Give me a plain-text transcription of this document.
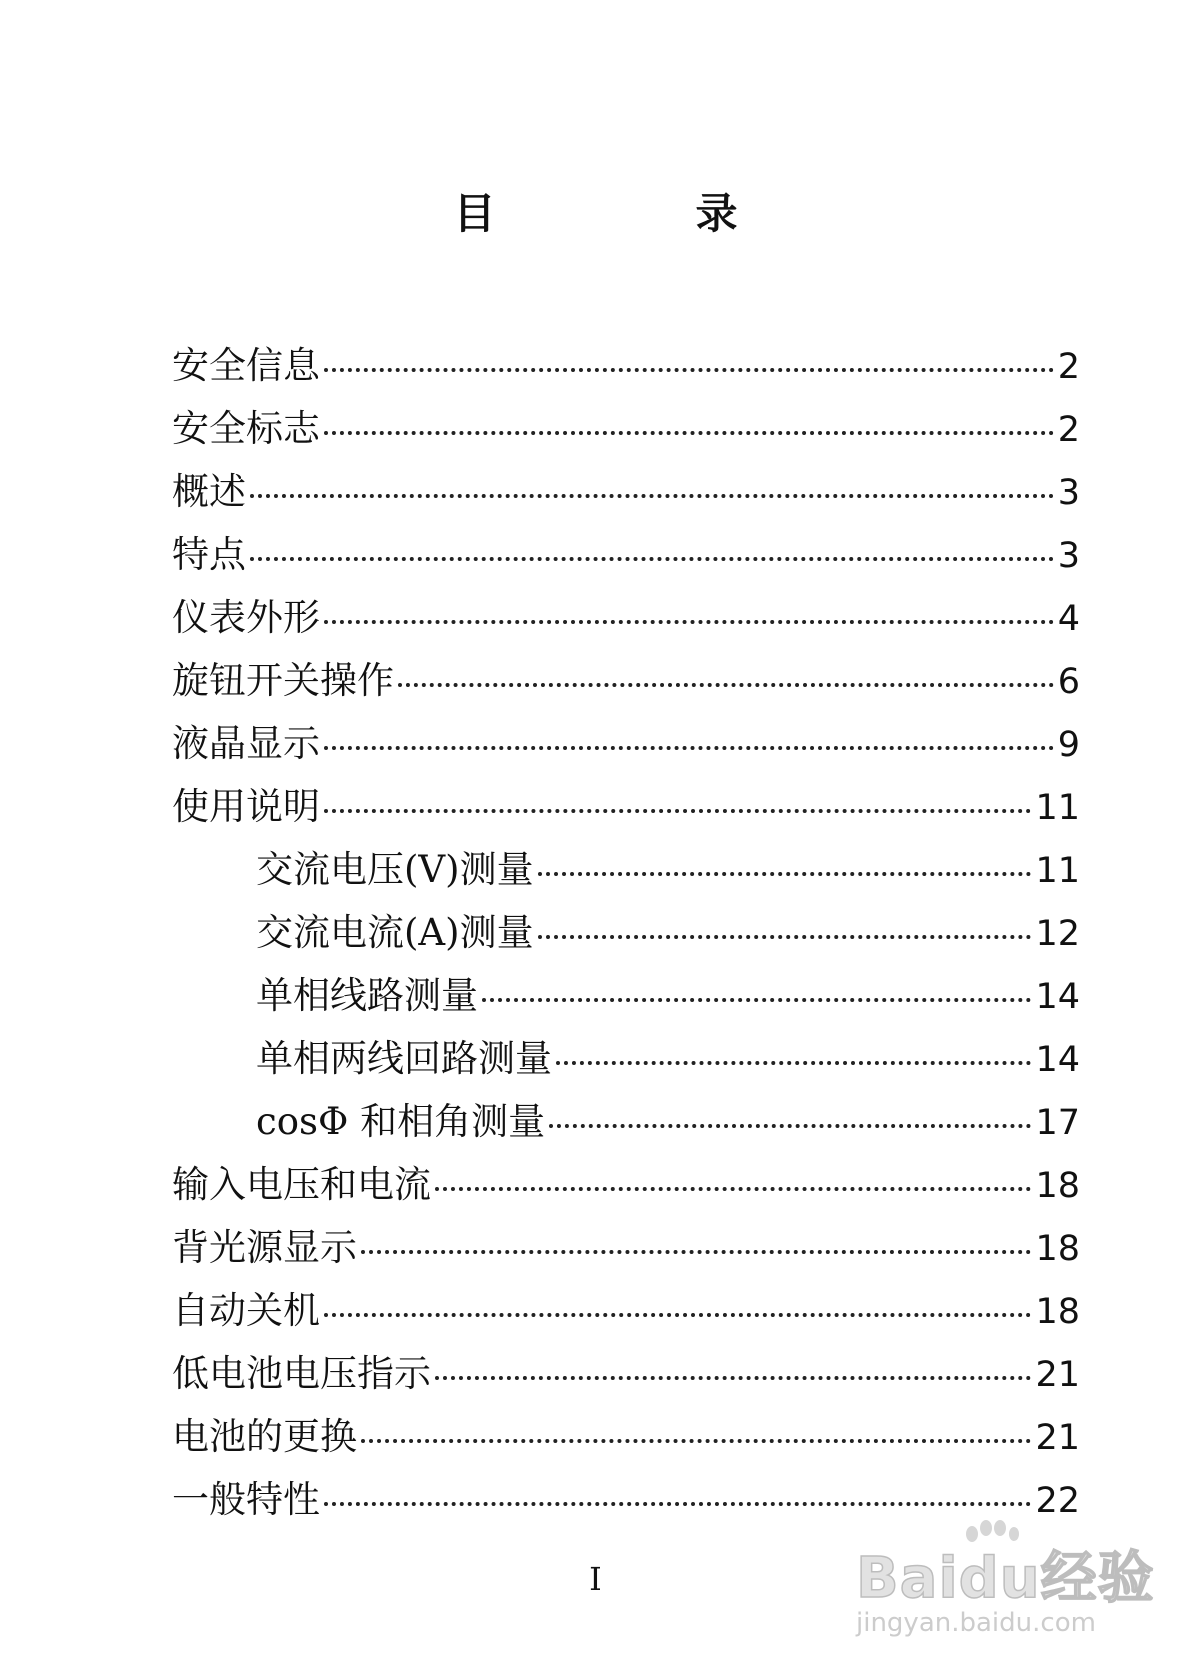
目	录
安全信息	2
安全标志	2
概述	3
特点	3
仪表外形	4
旋钮开关操作	6
液晶显示	9
使用说明	11
交流电压(V)测量	11
交流电流(A)测量	12
单相线路测量	14
单相两线回路测量	14
cosΦ 和相角测量	17
输入电压和电流	18
背光源显示	18
自动关机	18
低电池电压指示	21
电池的更换	21
一般特性	22
I	Baidu经验
jingyan.baidu.com
